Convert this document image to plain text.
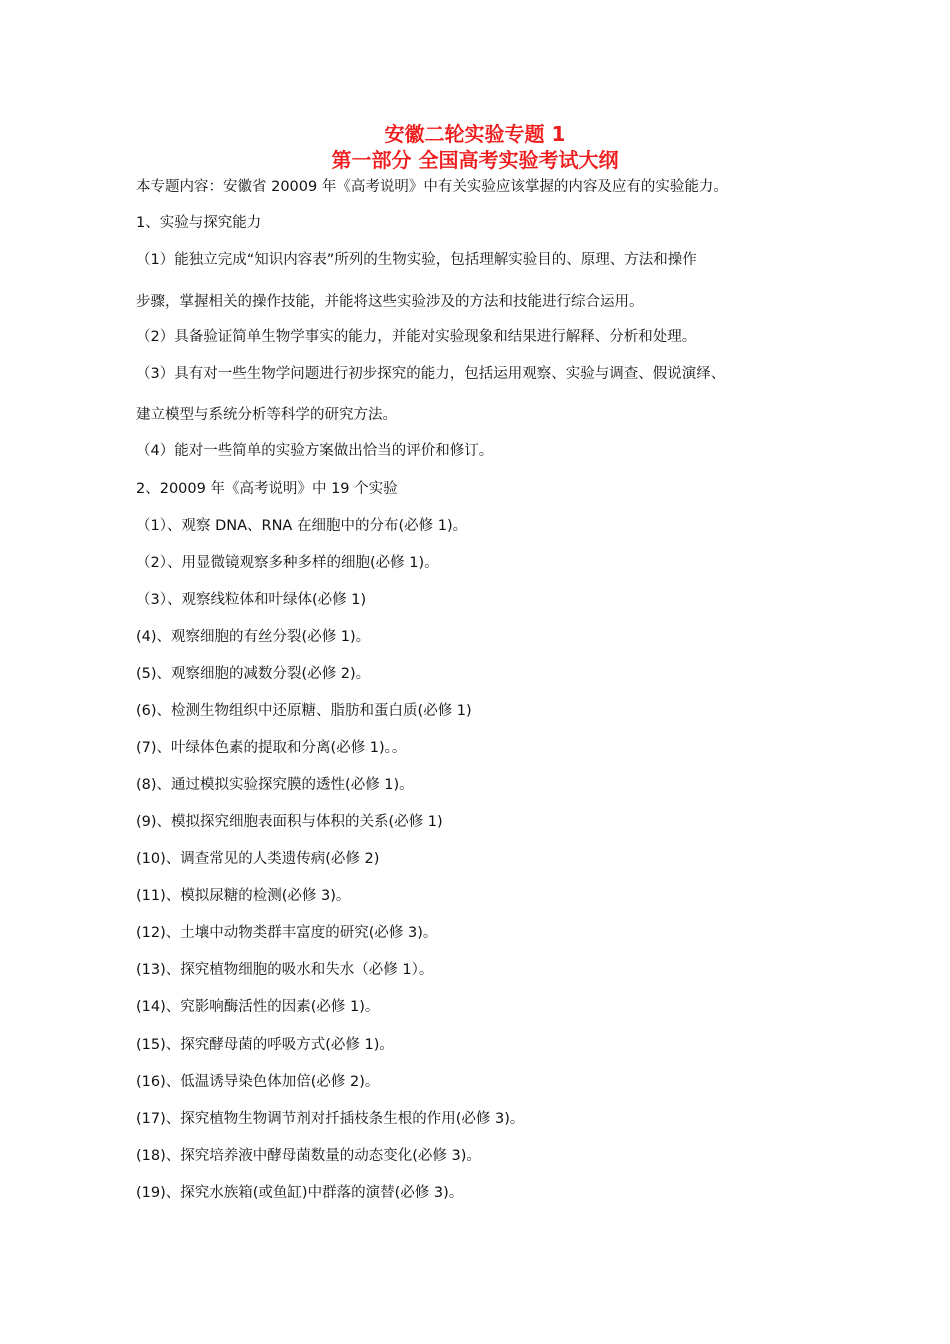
安徽二轮实验专题 1
第一部分 全国高考实验考试大纲
本专题内容：安徽省 20009 年《高考说明》中有关实验应该掌握的内容及应有的实验能力。
1、实验与探究能力
（1）能独立完成“知识内容表”所列的生物实验，包括理解实验目的、原理、方法和操作
步骤，掌握相关的操作技能，并能将这些实验涉及的方法和技能进行综合运用。
（2）具备验证简单生物学事实的能力，并能对实验现象和结果进行解释、分析和处理。
（3）具有对一些生物学问题进行初步探究的能力，包括运用观察、实验与调查、假说演绎、
建立模型与系统分析等科学的研究方法。
（4）能对一些简单的实验方案做出恰当的评价和修订。
2、20009 年《高考说明》中 19 个实验
（1）、观察 DNA、RNA 在细胞中的分布(必修 1)。
（2）、用显微镜观察多种多样的细胞(必修 1)。
（3）、观察线粒体和叶绿体(必修 1)
(4)、观察细胞的有丝分裂(必修 1)。
(5)、观察细胞的减数分裂(必修 2)。
(6)、检测生物组织中还原糖、脂肪和蛋白质(必修 1)
(7)、叶绿体色素的提取和分离(必修 1)。。
(8)、通过模拟实验探究膜的透性(必修 1)。
(9)、模拟探究细胞表面积与体积的关系(必修 1)
(10)、调查常见的人类遗传病(必修 2)
(11)、模拟尿糖的检测(必修 3)。
(12)、土壤中动物类群丰富度的研究(必修 3)。
(13)、探究植物细胞的吸水和失水（必修 1）。
(14)、究影响酶活性的因素(必修 1)。
(15)、探究酵母菌的呼吸方式(必修 1)。
(16)、低温诱导染色体加倍(必修 2)。
(17)、探究植物生物调节剂对扦插枝条生根的作用(必修 3)。
(18)、探究培养液中酵母菌数量的动态变化(必修 3)。
(19)、探究水族箱(或鱼缸)中群落的演替(必修 3)。
